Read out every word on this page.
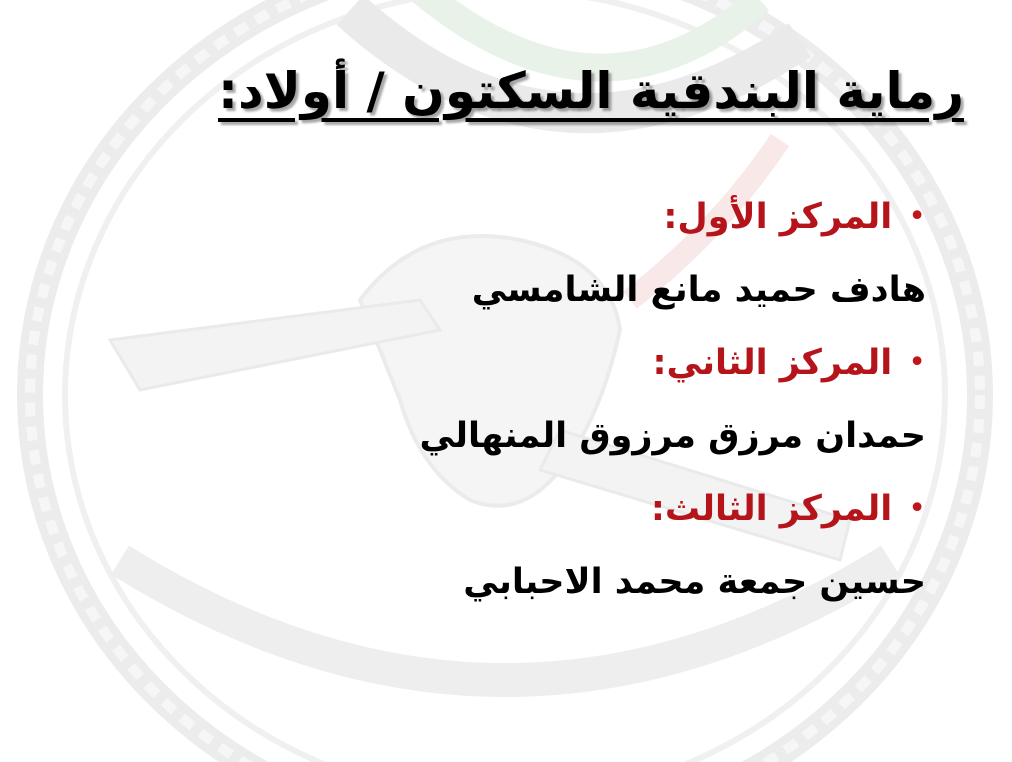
رماية البندقية السكتون / أولاد:
•
المركز الأول:
هادف حميد مانع الشامسي
•
المركز الثاني:
حمدان مرزق مرزوق المنهالي
•
المركز الثالث:
حسين جمعة محمد الاحبابي
